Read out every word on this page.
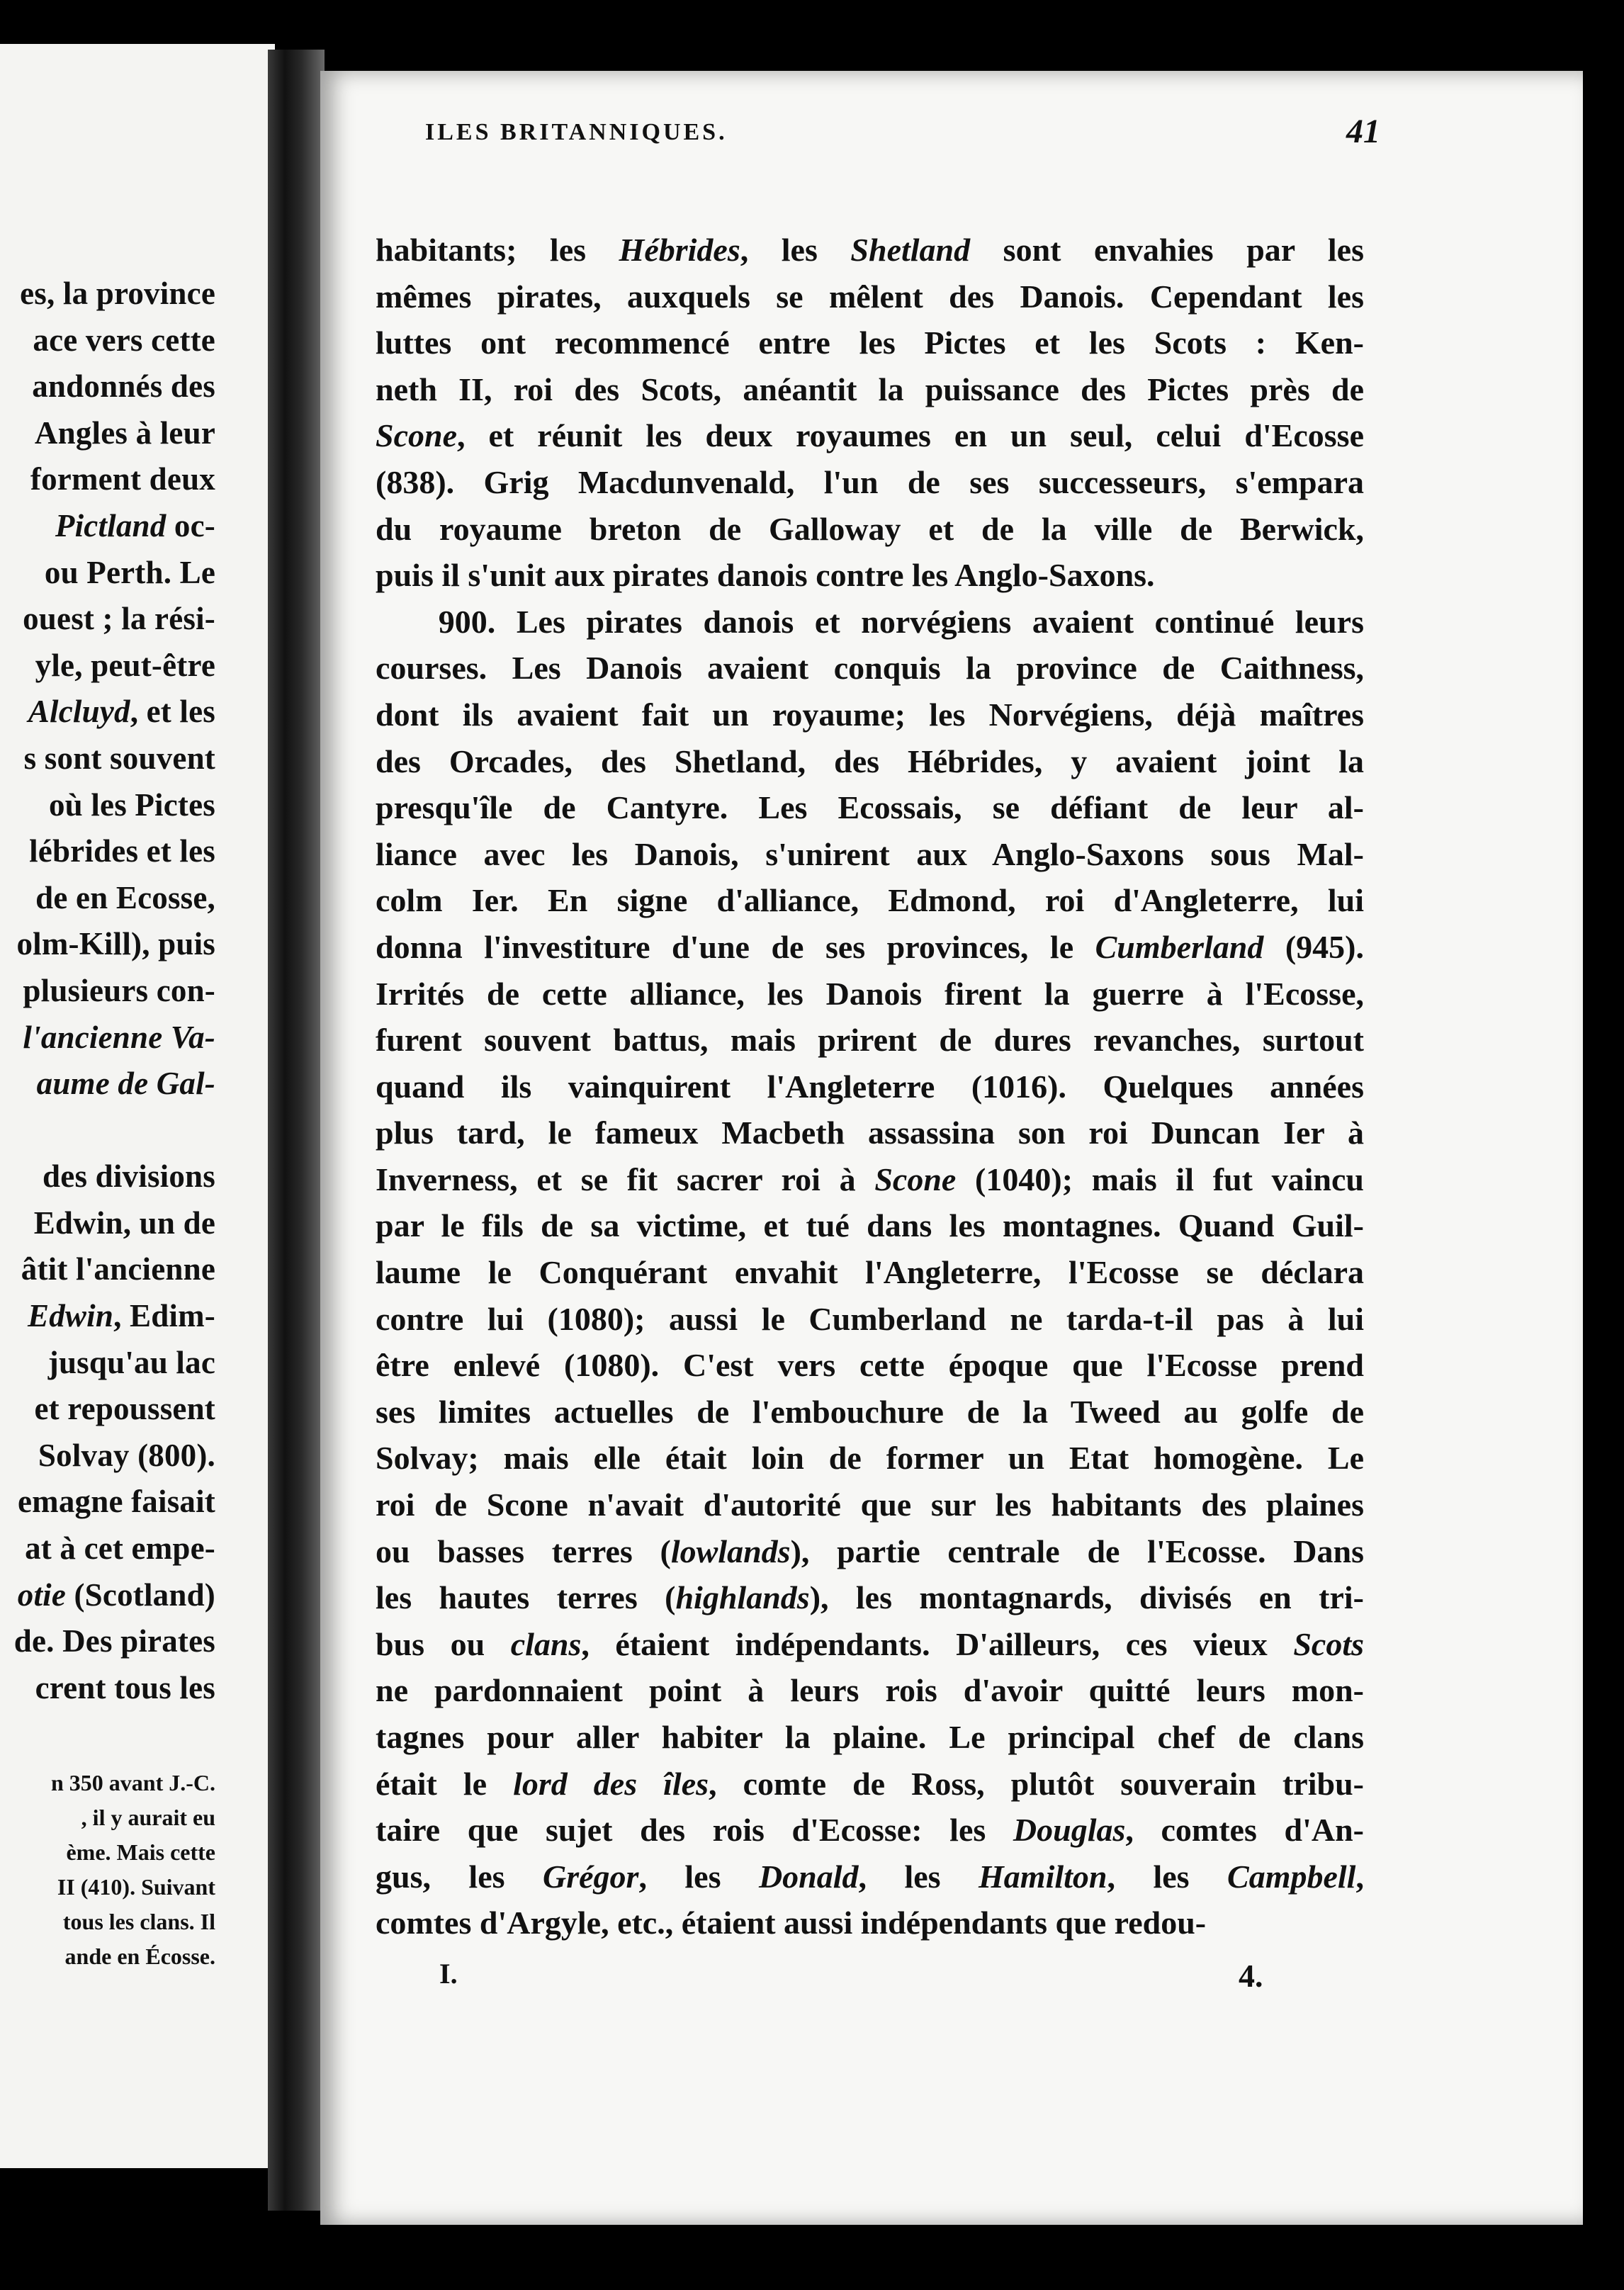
es, la province
ace vers cette
andonnés des
Angles à leur
forment deux
Pictland oc-
ou Perth. Le
ouest ; la rési-
yle, peut-être
Alcluyd, et les
s sont souvent
où les Pictes
lébrides et les
de en Ecosse,
olm-Kill), puis
plusieurs con-
l'ancienne Va-
aume de Gal-

des divisions
Edwin, un de
âtit l'ancienne
Edwin, Edim-
jusqu'au lac
et repoussent
Solvay (800).
emagne faisait
at à cet empe-
otie (Scotland)
de. Des pirates
crent tous les
n 350 avant J.-C.
, il y aurait eu
ème. Mais cette
II (410). Suivant
tous les clans. Il
ande en Écosse.
ILES BRITANNIQUES.	41
habitants; les Hébrides, les Shetland sont envahies par les
mêmes pirates, auxquels se mêlent des Danois. Cependant les
luttes ont recommencé entre les Pictes et les Scots : Ken-
neth II, roi des Scots, anéantit la puissance des Pictes près de
Scone, et réunit les deux royaumes en un seul, celui d'Ecosse
(838). Grig Macdunvenald, l'un de ses successeurs, s'empara
du royaume breton de Galloway et de la ville de Berwick,
puis il s'unit aux pirates danois contre les Anglo-Saxons.
900. Les pirates danois et norvégiens avaient continué leurs
courses. Les Danois avaient conquis la province de Caithness,
dont ils avaient fait un royaume; les Norvégiens, déjà maîtres
des Orcades, des Shetland, des Hébrides, y avaient joint la
presqu'île de Cantyre. Les Ecossais, se défiant de leur al-
liance avec les Danois, s'unirent aux Anglo-Saxons sous Mal-
colm Ier. En signe d'alliance, Edmond, roi d'Angleterre, lui
donna l'investiture d'une de ses provinces, le Cumberland (945).
Irrités de cette alliance, les Danois firent la guerre à l'Ecosse,
furent souvent battus, mais prirent de dures revanches, surtout
quand ils vainquirent l'Angleterre (1016). Quelques années
plus tard, le fameux Macbeth assassina son roi Duncan Ier à
Inverness, et se fit sacrer roi à Scone (1040); mais il fut vaincu
par le fils de sa victime, et tué dans les montagnes. Quand Guil-
laume le Conquérant envahit l'Angleterre, l'Ecosse se déclara
contre lui (1080); aussi le Cumberland ne tarda-t-il pas à lui
être enlevé (1080). C'est vers cette époque que l'Ecosse prend
ses limites actuelles de l'embouchure de la Tweed au golfe de
Solvay; mais elle était loin de former un Etat homogène. Le
roi de Scone n'avait d'autorité que sur les habitants des plaines
ou basses terres (lowlands), partie centrale de l'Ecosse. Dans
les hautes terres (highlands), les montagnards, divisés en tri-
bus ou clans, étaient indépendants. D'ailleurs, ces vieux Scots
ne pardonnaient point à leurs rois d'avoir quitté leurs mon-
tagnes pour aller habiter la plaine. Le principal chef de clans
était le lord des îles, comte de Ross, plutôt souverain tribu-
taire que sujet des rois d'Ecosse: les Douglas, comtes d'An-
gus, les Grégor, les Donald, les Hamilton, les Campbell,
comtes d'Argyle, etc., étaient aussi indépendants que redou-
I.	4.
